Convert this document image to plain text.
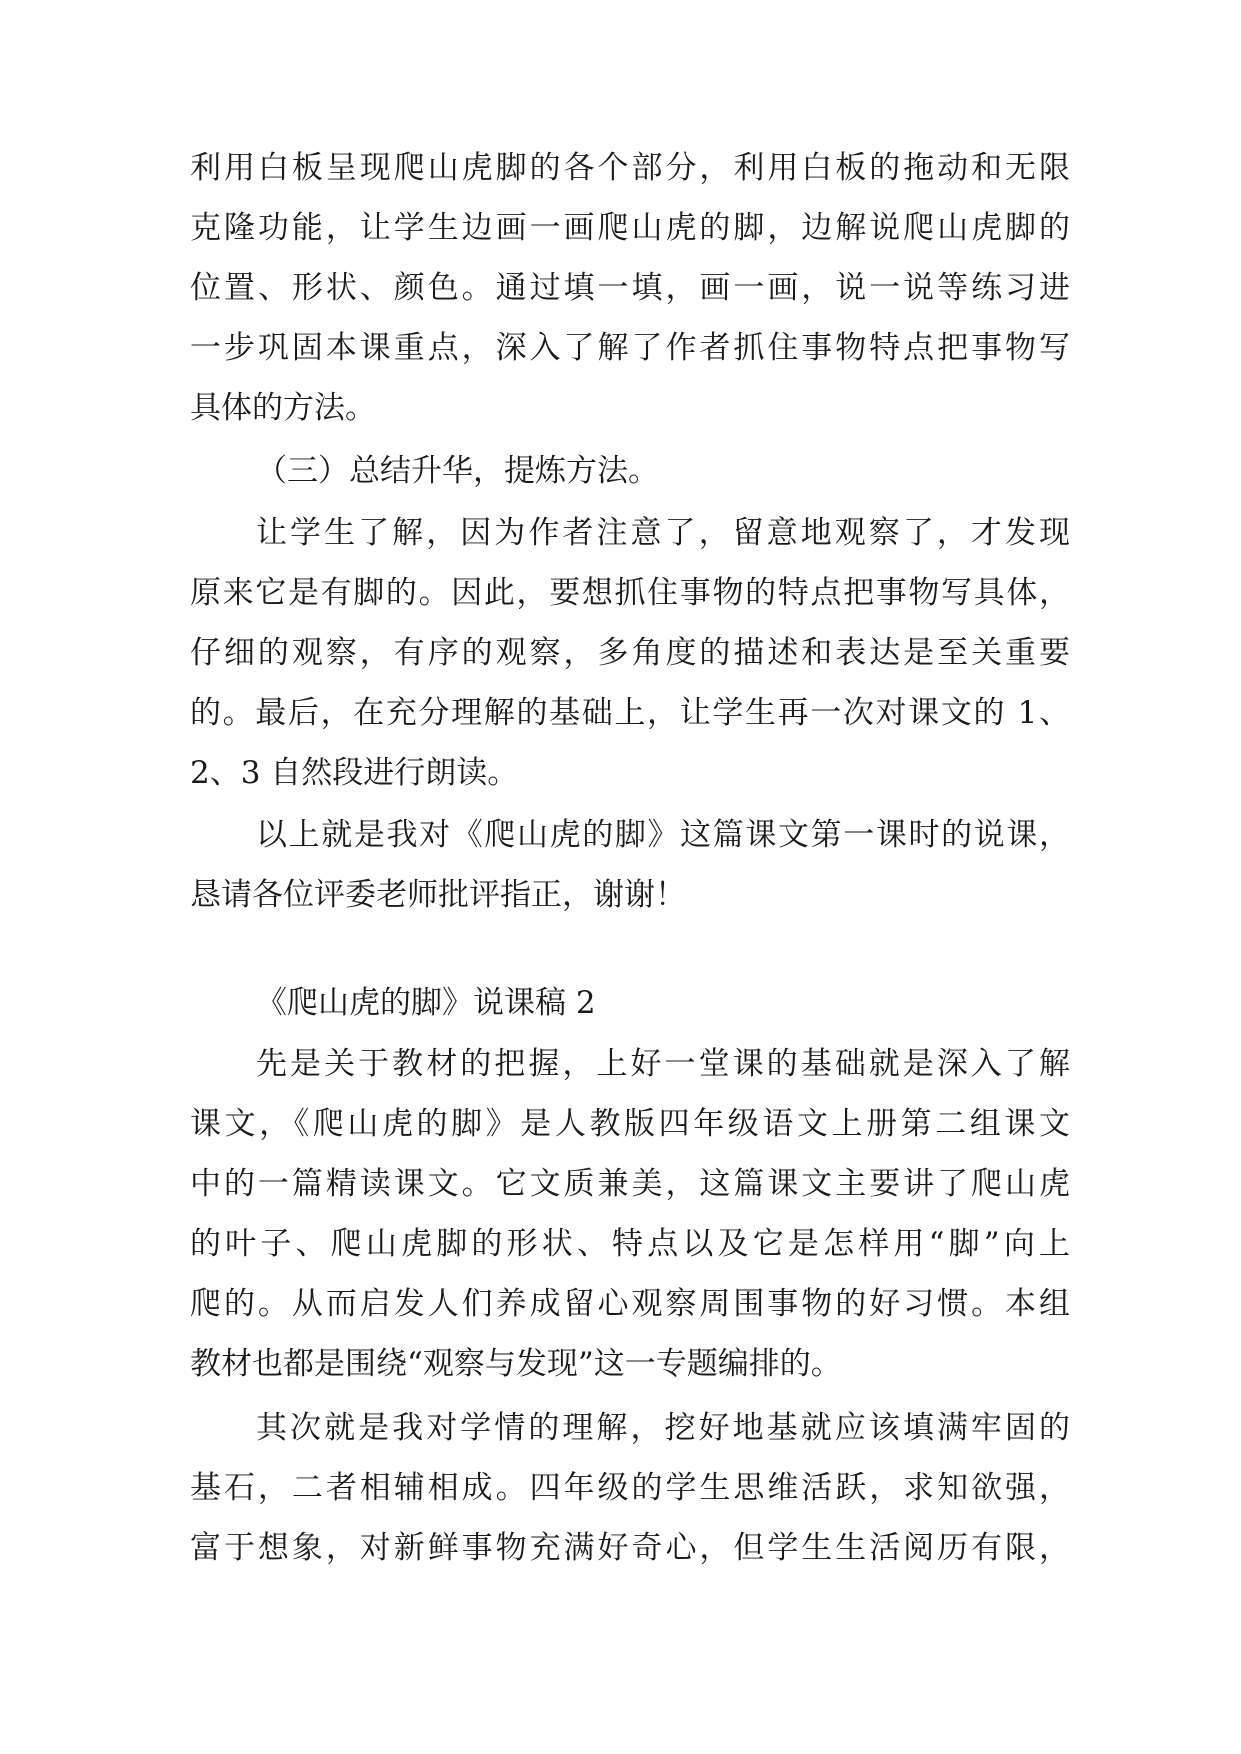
利用白板呈现爬山虎脚的各个部分，利用白板的拖动和无限
克隆功能，让学生边画一画爬山虎的脚，边解说爬山虎脚的
位置、形状、颜色。通过填一填，画一画，说一说等练习进
一步巩固本课重点，深入了解了作者抓住事物特点把事物写
具体的方法。
（三）总结升华，提炼方法。
让学生了解，因为作者注意了，留意地观察了，才发现
原来它是有脚的。因此，要想抓住事物的特点把事物写具体，
仔细的观察，有序的观察，多角度的描述和表达是至关重要
的。最后，在充分理解的基础上，让学生再一次对课文的 1、
2、3 自然段进行朗读。
以上就是我对《爬山虎的脚》这篇课文第一课时的说课，
恳请各位评委老师批评指正，谢谢！
《爬山虎的脚》说课稿 2
先是关于教材的把握，上好一堂课的基础就是深入了解
课文，《爬山虎的脚》是人教版四年级语文上册第二组课文
中的一篇精读课文。它文质兼美，这篇课文主要讲了爬山虎
的叶子、爬山虎脚的形状、特点以及它是怎样用“脚”向上
爬的。从而启发人们养成留心观察周围事物的好习惯。本组
教材也都是围绕“观察与发现”这一专题编排的。
其次就是我对学情的理解，挖好地基就应该填满牢固的
基石，二者相辅相成。四年级的学生思维活跃，求知欲强，
富于想象，对新鲜事物充满好奇心，但学生生活阅历有限，
